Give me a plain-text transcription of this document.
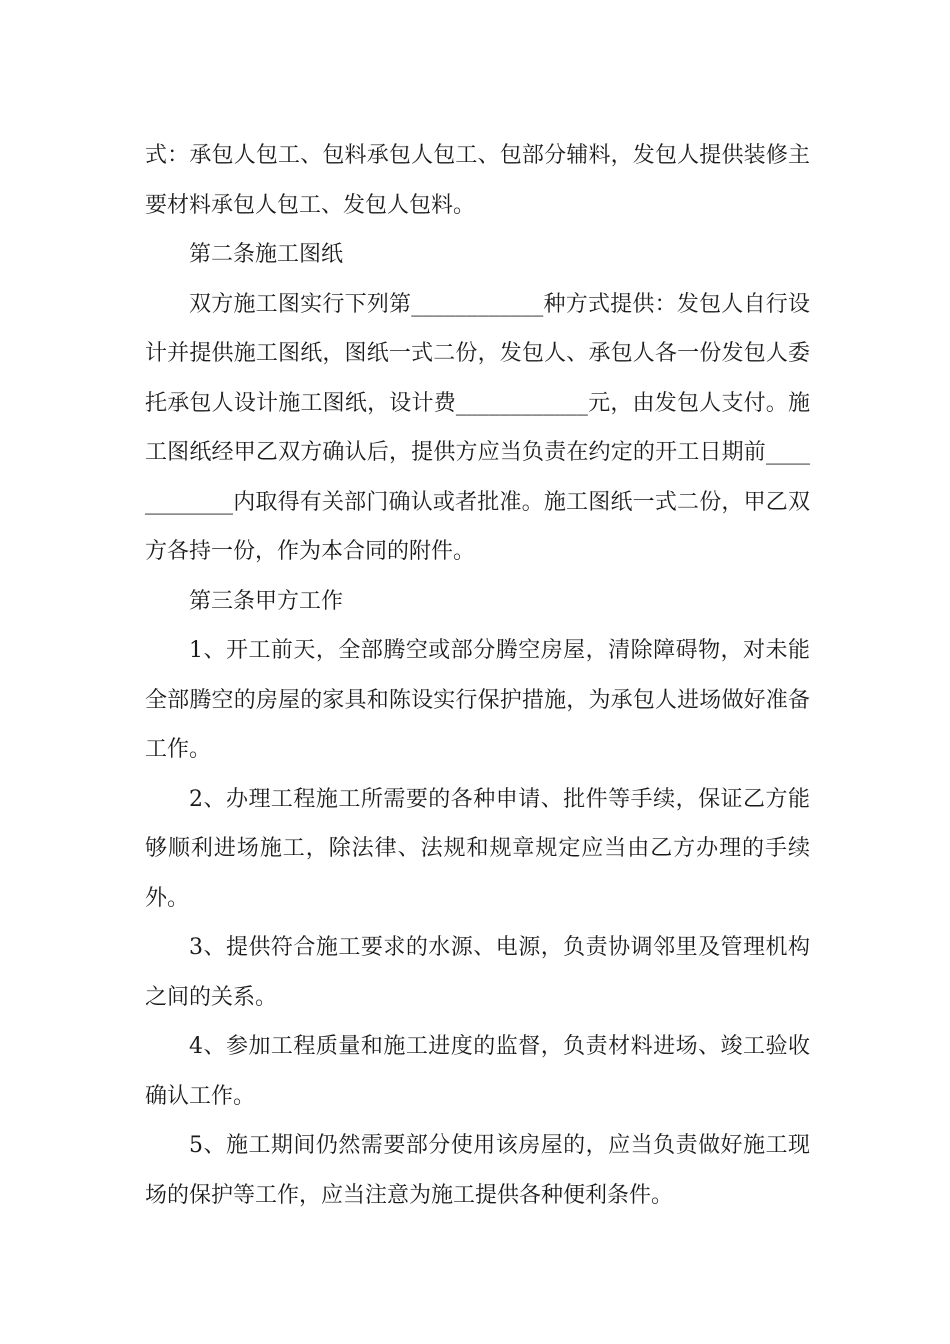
式：承包人包工、包料承包人包工、包部分辅料，发包人提供装修主要材料承包人包工、发包人包料。

第二条施工图纸

双方施工图实行下列第____________种方式提供：发包人自行设计并提供施工图纸，图纸一式二份，发包人、承包人各一份发包人委托承包人设计施工图纸，设计费____________元，由发包人支付。施工图纸经甲乙双方确认后，提供方应当负责在约定的开工日期前____________内取得有关部门确认或者批准。施工图纸一式二份，甲乙双方各持一份，作为本合同的附件。

第三条甲方工作

1、开工前天，全部腾空或部分腾空房屋，清除障碍物，对未能全部腾空的房屋的家具和陈设实行保护措施，为承包人进场做好准备工作。

2、办理工程施工所需要的各种申请、批件等手续，保证乙方能够顺利进场施工，除法律、法规和规章规定应当由乙方办理的手续外。

3、提供符合施工要求的水源、电源，负责协调邻里及管理机构之间的关系。

4、参加工程质量和施工进度的监督，负责材料进场、竣工验收确认工作。

5、施工期间仍然需要部分使用该房屋的，应当负责做好施工现场的保护等工作，应当注意为施工提供各种便利条件。
